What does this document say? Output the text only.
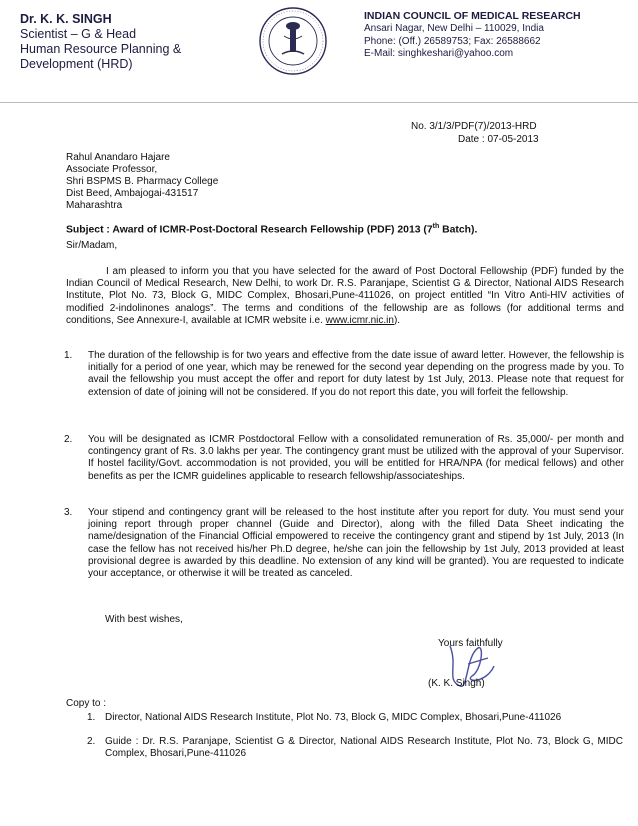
Dr. K. K. SINGH
Scientist – G & Head
Human Resource Planning &
Development (HRD)
INDIAN COUNCIL OF MEDICAL RESEARCH
Ansari Nagar, New Delhi – 110029, India
Phone: (Off.) 26589753; Fax: 26588662
E-Mail: singhkeshari@yahoo.com
No. 3/1/3/PDF(7)/2013-HRD
Date : 07-05-2013
Rahul Anandaro Hajare
Associate Professor,
Shri BSPMS B. Pharmacy College
Dist Beed, Ambajogai-431517
Maharashtra
Subject : Award of ICMR-Post-Doctoral Research Fellowship (PDF) 2013 (7th Batch).
Sir/Madam,
I am pleased to inform you that you have selected for the award of Post Doctoral Fellowship (PDF) funded by the Indian Council of Medical Research, New Delhi, to work Dr. R.S. Paranjape, Scientist G & Director, National AIDS Research Institute, Plot No. 73, Block G, MIDC Complex, Bhosari,Pune-411026, on project entitled “In Vitro Anti-HIV activities of modified 2-indolinones analogs”. The terms and conditions of the fellowship are as follows (for additional terms and conditions, See Annexure-I, available at ICMR website i.e. www.icmr.nic.in).
1. The duration of the fellowship is for two years and effective from the date issue of award letter. However, the fellowship is initially for a period of one year, which may be renewed for the second year depending on the progress made by you. To avail the fellowship you must accept the offer and report for duty latest by 1st July, 2013. Please note that request for extension of date of joining will not be considered. If you do not report this date, you will forfeit the fellowship.
2. You will be designated as ICMR Postdoctoral Fellow with a consolidated remuneration of Rs. 35,000/- per month and contingency grant of Rs. 3.0 lakhs per year. The contingency grant must be utilized with the approval of your Supervisor. If hostel facility/Govt. accommodation is not provided, you will be entitled for HRA/NPA (for medical fellows) and other benefits as per the ICMR guidelines applicable to research fellowship/associateships.
3. Your stipend and contingency grant will be released to the host institute after you report for duty. You must send your joining report through proper channel (Guide and Director), along with the filled Data Sheet indicating the name/designation of the Financial Official empowered to receive the contingency grant and stipend by 1st July, 2013 (In case the fellow has not received his/her Ph.D degree, he/she can join the fellowship by 1st July, 2013 provided at least provisional degree is awarded by this deadline. No extension of any kind will be granted). You are requested to indicate your acceptance, or otherwise it will be treated as canceled.
With best wishes,
Yours faithfully
(K. K. Singh)
Copy to :
1. Director, National AIDS Research Institute, Plot No. 73, Block G, MIDC Complex, Bhosari,Pune-411026
2. Guide : Dr. R.S. Paranjape, Scientist G & Director, National AIDS Research Institute, Plot No. 73, Block G, MIDC Complex, Bhosari,Pune-411026
